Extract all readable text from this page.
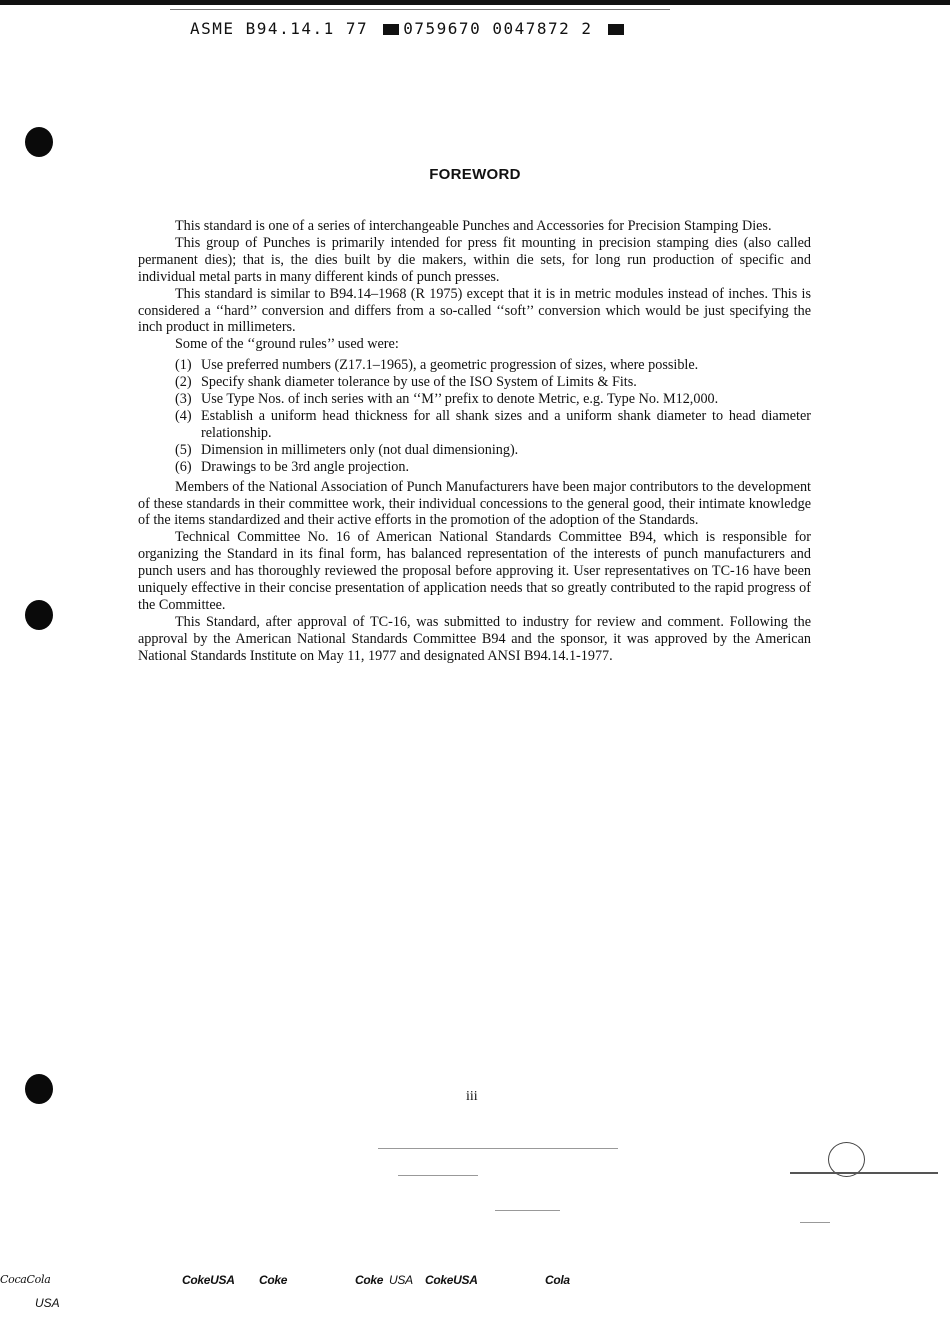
ASME B94.14.1 77 0759670 0047872 2
FOREWORD

This standard is one of a series of interchangeable Punches and Accessories for Precision Stamping Dies.

This group of Punches is primarily intended for press fit mounting in precision stamping dies (also called permanent dies); that is, the dies built by die makers, within die sets, for long run production of specific and individual metal parts in many different kinds of punch presses.

This standard is similar to B94.14–1968 (R 1975) except that it is in metric modules instead of inches. This is considered a ‘‘hard’’ conversion and differs from a so-called ‘‘soft’’ conversion which would be just specifying the inch product in millimeters.

Some of the ‘‘ground rules’’ used were:

(1) Use preferred numbers (Z17.1–1965), a geometric progression of sizes, where possible.
(2) Specify shank diameter tolerance by use of the ISO System of Limits & Fits.
(3) Use Type Nos. of inch series with an ‘‘M’’ prefix to denote Metric, e.g. Type No. M12,000.
(4) Establish a uniform head thickness for all shank sizes and a uniform shank diameter to head diameter relationship.
(5) Dimension in millimeters only (not dual dimensioning).
(6) Drawings to be 3rd angle projection.

Members of the National Association of Punch Manufacturers have been major contributors to the development of these standards in their committee work, their individual concessions to the general good, their intimate knowledge of the items standardized and their active efforts in the promotion of the adoption of the Standards.

Technical Committee No. 16 of American National Standards Committee B94, which is responsible for organizing the Standard in its final form, has balanced representation of the interests of punch manufacturers and punch users and has thoroughly reviewed the proposal before approving it. User representatives on TC-16 have been uniquely effective in their concise presentation of application needs that so greatly contributed to the rapid progress of the Committee.

This Standard, after approval of TC-16, was submitted to industry for review and comment. Following the approval by the American National Standards Committee B94 and the sponsor, it was approved by the American National Standards Institute on May 11, 1977 and designated ANSI B94.14.1-1977.

iii
CocaCola	CokeUSA Coke	Coke USA CokeUSA	Cola
USA
